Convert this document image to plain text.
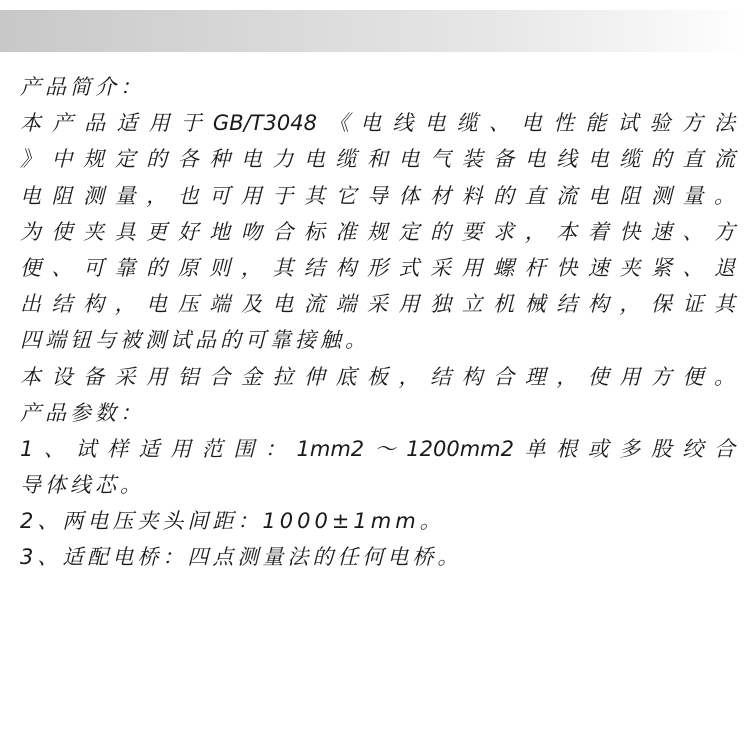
产品简介：
本产品适用于GB/T3048《电线电缆、电性能试验方法
》中规定的各种电力电缆和电气装备电线电缆的直流
电阻测量，也可用于其它导体材料的直流电阻测量。
为使夹具更好地吻合标准规定的要求，本着快速、方
便、可靠的原则，其结构形式采用螺杆快速夹紧、退
出结构，电压端及电流端采用独立机械结构，保证其
四端钮与被测试品的可靠接触。
本设备采用铝合金拉伸底板，结构合理，使用方便。
产品参数：
1、试样适用范围：1mm2～1200mm2单根或多股绞合
导体线芯。
2、两电压夹头间距：1000±1mm。
3、适配电桥：四点测量法的任何电桥。
